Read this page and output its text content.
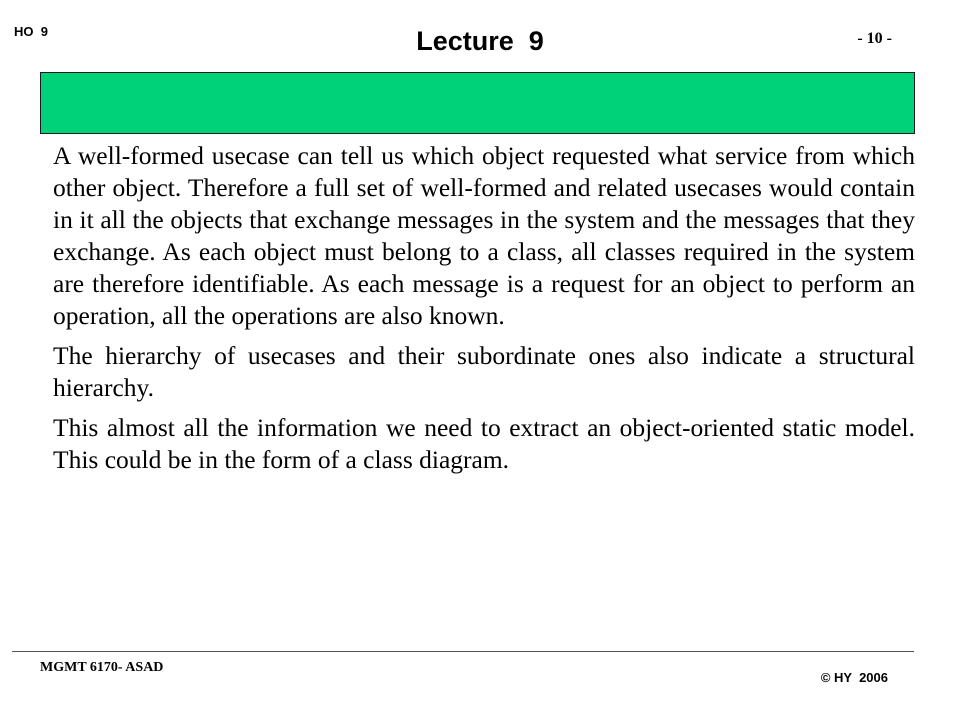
HO  9	Lecture  9	- 10 -

A well-formed usecase can tell us which object requested what service from which other object. Therefore a full set of well-formed and related usecases would contain in it all the objects that exchange messages in the system and the messages that they exchange. As each object must belong to a class, all classes required in the system are therefore identifiable. As each message is a request for an object to perform an operation, all the operations are also known.

The hierarchy of usecases and their subordinate ones also indicate a structural hierarchy.

This almost all the information we need to extract an object-oriented static model. This could be in the form of a class diagram.

MGMT 6170- ASAD
© HY  2006
